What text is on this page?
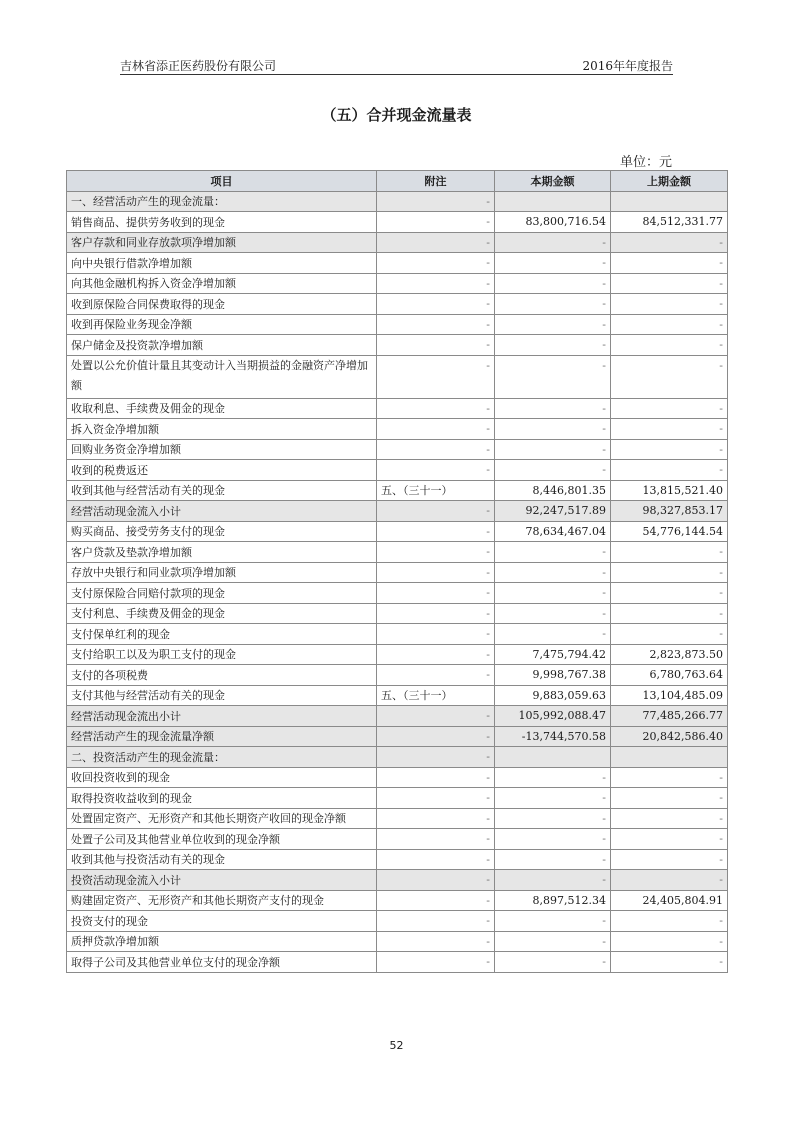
吉林省添正医药股份有限公司	2016年年度报告
（五）合并现金流量表
单位：元
项目	附注	本期金额	上期金额
一、经营活动产生的现金流量：	-		
销售商品、提供劳务收到的现金	-	83,800,716.54	84,512,331.77
客户存款和同业存放款项净增加额	-	-	-
向中央银行借款净增加额	-	-	-
向其他金融机构拆入资金净增加额	-	-	-
收到原保险合同保费取得的现金	-	-	-
收到再保险业务现金净额	-	-	-
保户储金及投资款净增加额	-	-	-
处置以公允价值计量且其变动计入当期损益的金融资产净增加额	-	-	-
收取利息、手续费及佣金的现金	-	-	-
拆入资金净增加额	-	-	-
回购业务资金净增加额	-	-	-
收到的税费返还	-	-	-
收到其他与经营活动有关的现金	五、（三十一）	8,446,801.35	13,815,521.40
经营活动现金流入小计	-	92,247,517.89	98,327,853.17
购买商品、接受劳务支付的现金	-	78,634,467.04	54,776,144.54
客户贷款及垫款净增加额	-	-	-
存放中央银行和同业款项净增加额	-	-	-
支付原保险合同赔付款项的现金	-	-	-
支付利息、手续费及佣金的现金	-	-	-
支付保单红利的现金	-	-	-
支付给职工以及为职工支付的现金	-	7,475,794.42	2,823,873.50
支付的各项税费	-	9,998,767.38	6,780,763.64
支付其他与经营活动有关的现金	五、（三十一）	9,883,059.63	13,104,485.09
经营活动现金流出小计	-	105,992,088.47	77,485,266.77
经营活动产生的现金流量净额	-	-13,744,570.58	20,842,586.40
二、投资活动产生的现金流量：	-		
收回投资收到的现金	-	-	-
取得投资收益收到的现金	-	-	-
处置固定资产、无形资产和其他长期资产收回的现金净额	-	-	-
处置子公司及其他营业单位收到的现金净额	-	-	-
收到其他与投资活动有关的现金	-	-	-
投资活动现金流入小计	-	-	-
购建固定资产、无形资产和其他长期资产支付的现金	-	8,897,512.34	24,405,804.91
投资支付的现金	-	-	-
质押贷款净增加额	-	-	-
取得子公司及其他营业单位支付的现金净额	-	-	-
52
